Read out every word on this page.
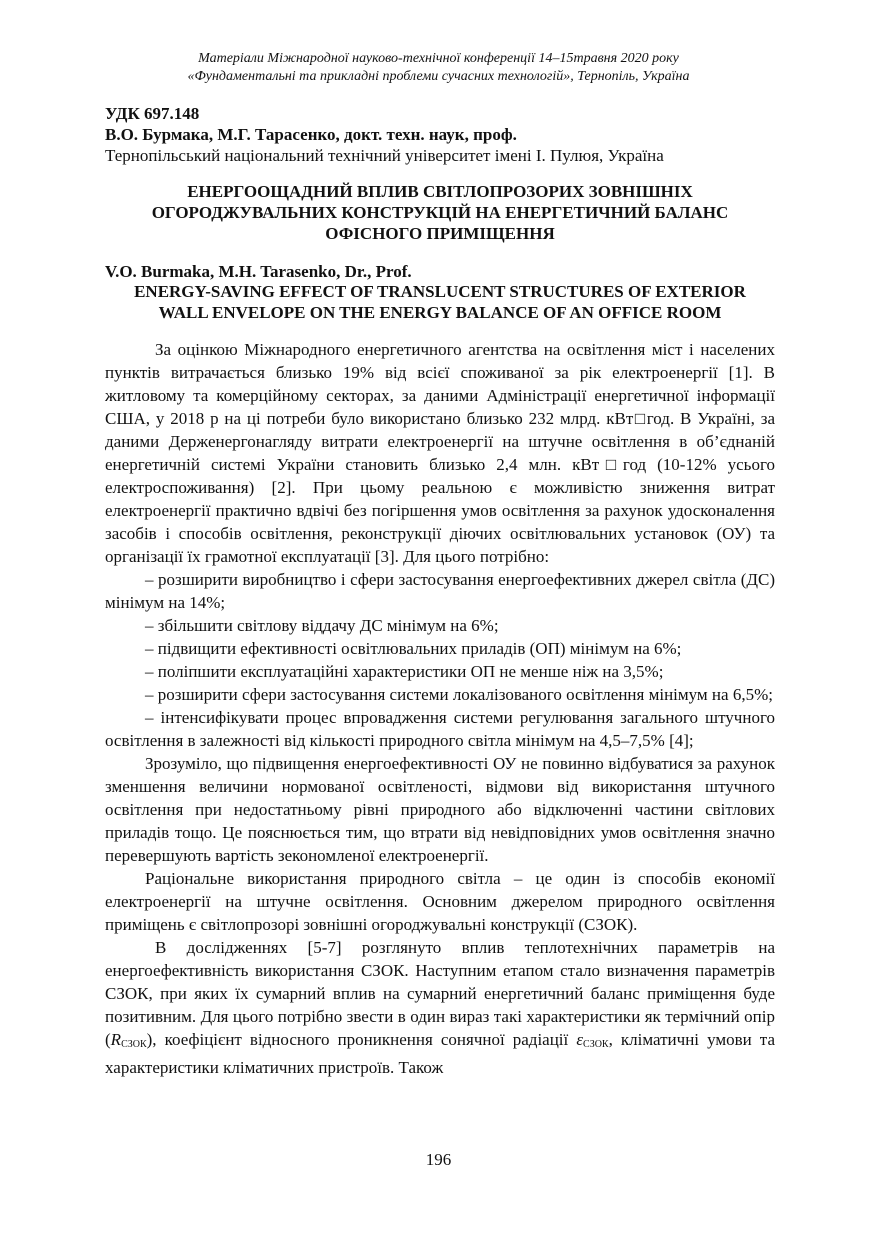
Матеріали Міжнародної науково-технічної конференції 14–15травня 2020 року
«Фундаментальні та прикладні проблеми сучасних технологій», Тернопіль, Україна
УДК 697.148
В.О. Бурмака, М.Г. Тарасенко, докт. техн. наук, проф.
Тернопільський національний технічний університет імені І. Пулюя, Україна
ЕНЕРГООЩАДНИЙ ВПЛИВ СВІТЛОПРОЗОРИХ ЗОВНІШНІХ
ОГОРОДЖУВАЛЬНИХ КОНСТРУКЦІЙ НА ЕНЕРГЕТИЧНИЙ БАЛАНС
ОФІСНОГО ПРИМІЩЕННЯ
V.O. Burmaka, M.H. Tarasenko, Dr., Prof.
ENERGY-SAVING EFFECT OF TRANSLUCENT STRUCTURES OF EXTERIOR
WALL ENVELOPE ON THE ENERGY BALANCE OF AN OFFICE ROOM

За оцінкою Міжнародного енергетичного агентства на освітлення міст і населених пунктів витрачається близько 19% від всієї споживаної за рік електроенергії [1]. В житловому та комерційному секторах, за даними Адміністрації енергетичної інформації США, у 2018 р на ці потреби було використано близько 232 млрд. кВт□год. В Україні, за даними Держенергонагляду витрати електроенергії на штучне освітлення в об’єднаній енергетичній системі України становить близько 2,4 млн. кВт□год (10-12% усього електроспоживання) [2]. При цьому реальною є можливістю зниження витрат електроенергії практично вдвічі без погіршення умов освітлення за рахунок удосконалення засобів і способів освітлення, реконструкції діючих освітлювальних установок (ОУ) та організації їх грамотної експлуатації [3]. Для цього потрібно:

– розширити виробництво і сфери застосування енергоефективних джерел світла (ДС) мінімум на 14%;

– збільшити світлову віддачу ДС мінімум на 6%;

– підвищити ефективності освітлювальних приладів (ОП) мінімум на 6%;

– поліпшити експлуатаційні характеристики ОП не менше ніж на 3,5%;

– розширити сфери застосування системи локалізованого освітлення мінімум на 6,5%;

– інтенсифікувати процес впровадження системи регулювання загального штучного освітлення в залежності від кількості природного світла мінімум на 4,5–7,5% [4];

Зрозуміло, що підвищення енергоефективності ОУ не повинно відбуватися за рахунок зменшення величини нормованої освітленості, відмови від використання штучного освітлення при недостатньому рівні природного або відключенні частини світлових приладів тощо. Це пояснюється тим, що втрати від невідповідних умов освітлення значно перевершують вартість зекономленої електроенергії.

Раціональне використання природного світла – це один із способів економії електроенергії на штучне освітлення. Основним джерелом природного освітлення приміщень є світлопрозорі зовнішні огороджувальні конструкції (СЗОК).

В дослідженнях [5-7] розглянуто вплив теплотехнічних параметрів на енергоефективність використання СЗОК. Наступним етапом стало визначення параметрів СЗОК, при яких їх сумарний вплив на сумарний енергетичний баланс приміщення буде позитивним. Для цього потрібно звести в один вираз такі характеристики як термічний опір $(R_{СЗОК})$, коефіцієнт відносного проникнення сонячної радіації $\varepsilon_{СЗОК}$, кліматичні умови та характеристики кліматичних пристроїв. Також

196
